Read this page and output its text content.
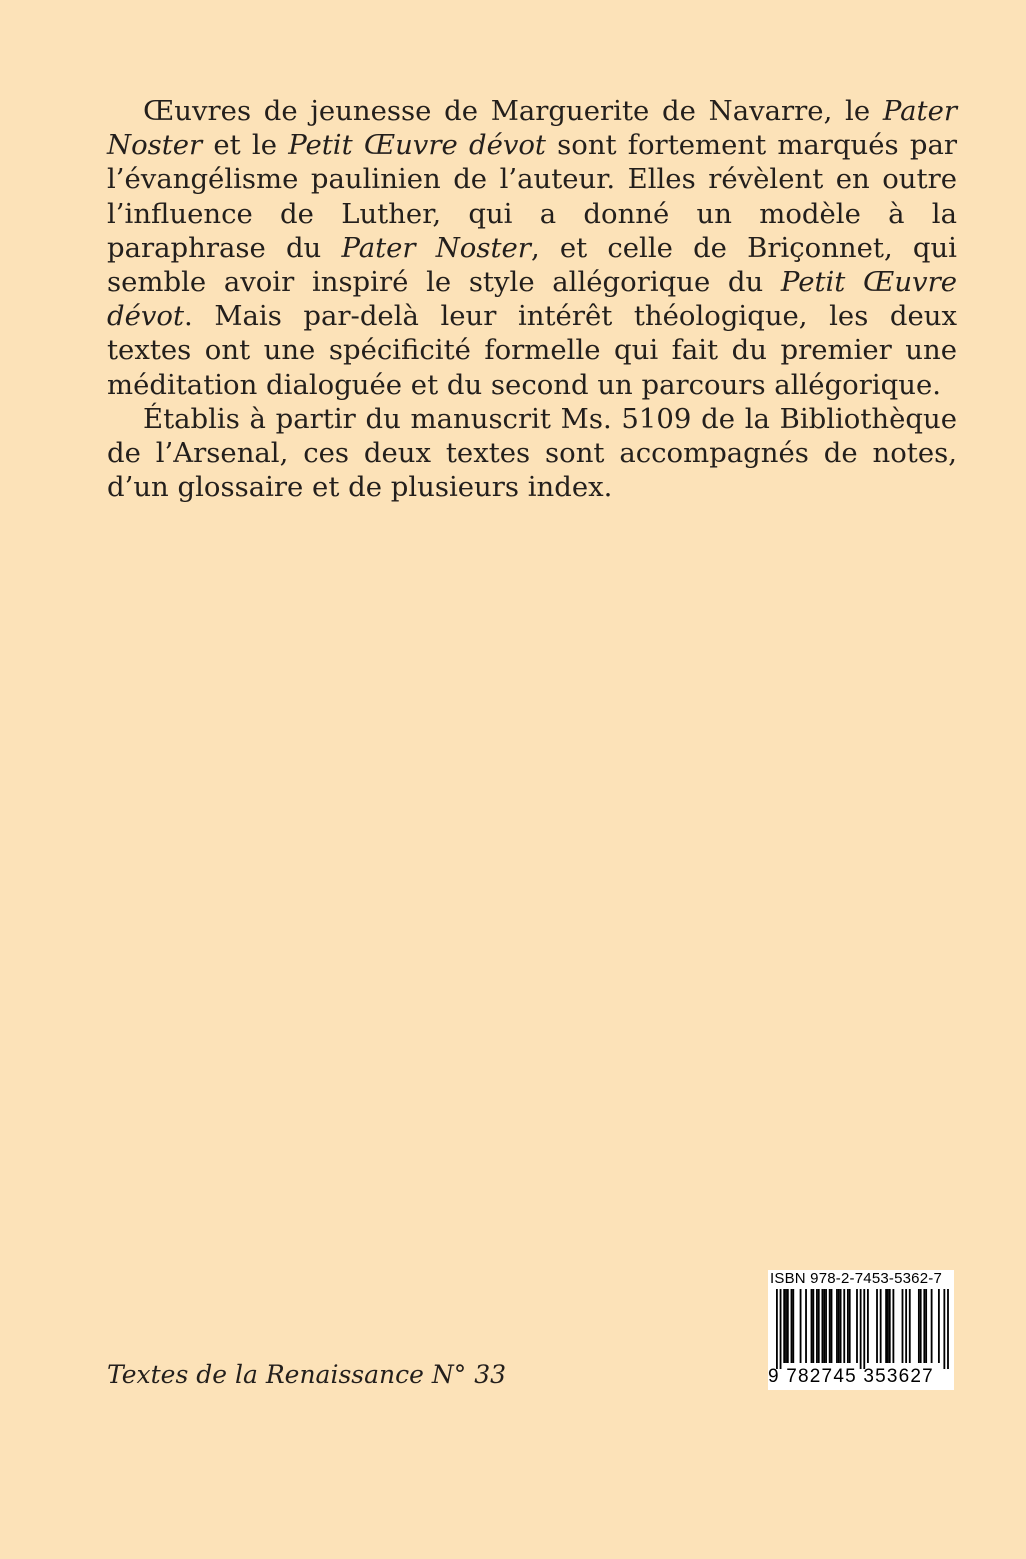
Œuvres de jeunesse de Marguerite de Navarre, le Pater Noster et le Petit Œuvre dévot sont fortement marqués par l’évangélisme paulinien de l’auteur. Elles révèlent en outre l’influence de Luther, qui a donné un modèle à la paraphrase du Pater Noster, et celle de Briçonnet, qui semble avoir inspiré le style allégorique du Petit Œuvre dévot. Mais par-delà leur intérêt théologique, les deux textes ont une spécificité formelle qui fait du premier une méditation dialoguée et du second un parcours allégorique.

Établis à partir du manuscrit Ms. 5109 de la Bibliothèque de l’Arsenal, ces deux textes sont accompagnés de notes, d’un glossaire et de plusieurs index.

Textes de la Renaissance N° 33
ISBN 978-2-7453-5362-7
9 782745 353627
